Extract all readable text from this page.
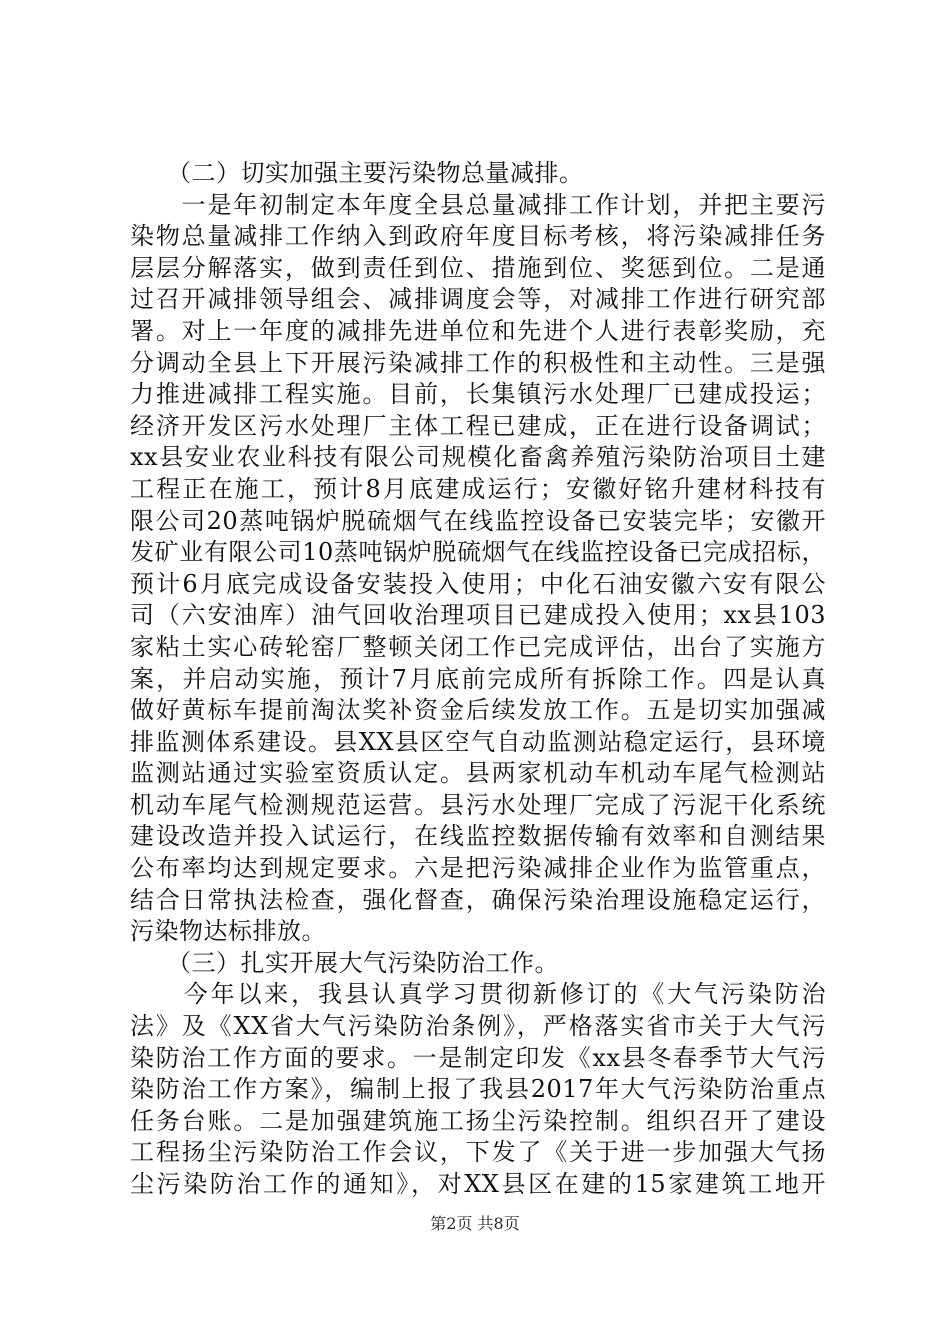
　　（二）切实加强主要污染物总量减排。
　　一是年初制定本年度全县总量减排工作计划，并把主要污
染物总量减排工作纳入到政府年度目标考核，将污染减排任务
层层分解落实，做到责任到位、措施到位、奖惩到位。二是通
过召开减排领导组会、减排调度会等，对减排工作进行研究部
署。对上一年度的减排先进单位和先进个人进行表彰奖励，充
分调动全县上下开展污染减排工作的积极性和主动性。三是强
力推进减排工程实施。目前，长集镇污水处理厂已建成投运；
经济开发区污水处理厂主体工程已建成，正在进行设备调试；
xx县安业农业科技有限公司规模化畜禽养殖污染防治项目土建
工程正在施工，预计8月底建成运行；安徽好铭升建材科技有
限公司20蒸吨锅炉脱硫烟气在线监控设备已安装完毕；安徽开
发矿业有限公司10蒸吨锅炉脱硫烟气在线监控设备已完成招标，
预计6月底完成设备安装投入使用；中化石油安徽六安有限公
司（六安油库）油气回收治理项目已建成投入使用；xx县103
家粘土实心砖轮窑厂整顿关闭工作已完成评估，出台了实施方
案，并启动实施，预计7月底前完成所有拆除工作。四是认真
做好黄标车提前淘汰奖补资金后续发放工作。五是切实加强减
排监测体系建设。县XX县区空气自动监测站稳定运行，县环境
监测站通过实验室资质认定。县两家机动车机动车尾气检测站
机动车尾气检测规范运营。县污水处理厂完成了污泥干化系统
建设改造并投入试运行，在线监控数据传输有效率和自测结果
公布率均达到规定要求。六是把污染减排企业作为监管重点，
结合日常执法检查，强化督查，确保污染治理设施稳定运行，
污染物达标排放。
　　（三）扎实开展大气污染防治工作。
　　今年以来，我县认真学习贯彻新修订的《大气污染防治
法》及《XX省大气污染防治条例》，严格落实省市关于大气污
染防治工作方面的要求。一是制定印发《xx县冬春季节大气污
染防治工作方案》，编制上报了我县2017年大气污染防治重点
任务台账。二是加强建筑施工扬尘污染控制。组织召开了建设
工程扬尘污染防治工作会议，下发了《关于进一步加强大气扬
尘污染防治工作的通知》，对XX县区在建的15家建筑工地开
第2页 共8页
